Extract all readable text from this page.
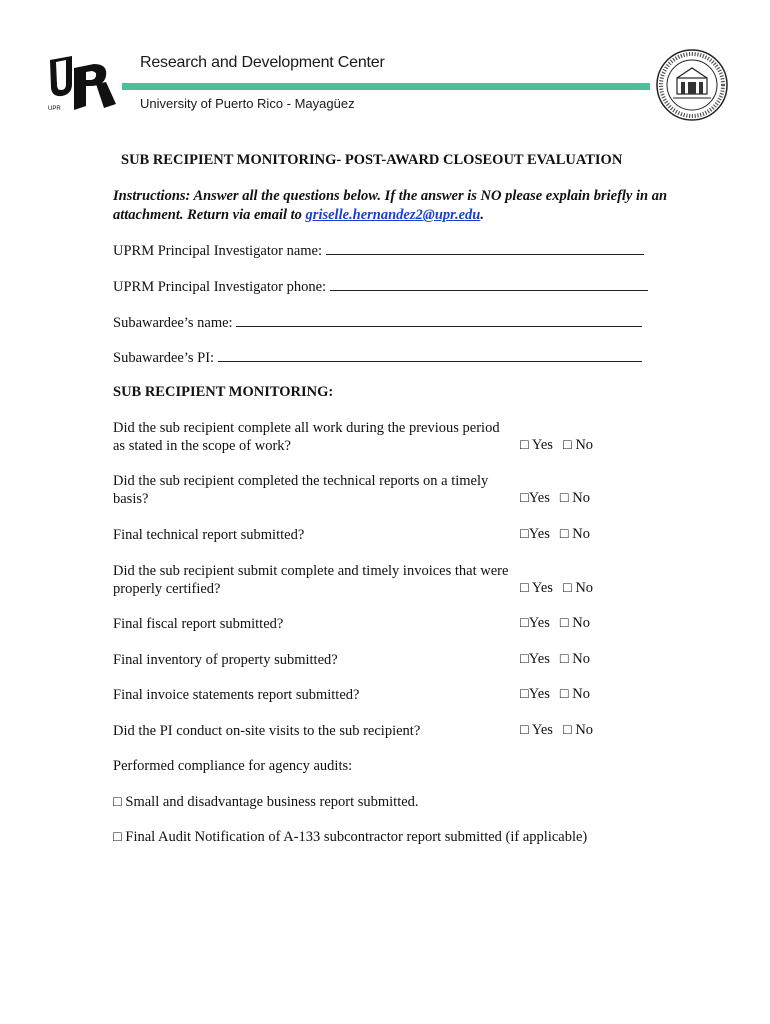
UPR
Research and Development Center
University of Puerto Rico - Mayagüez
SUB RECIPIENT MONITORING- POST-AWARD CLOSEOUT EVALUATION
Instructions: Answer all the questions below. If the answer is NO please explain briefly in an attachment. Return via email to griselle.hernandez2@upr.edu.
UPRM Principal Investigator name:
UPRM Principal Investigator phone:
Subawardee’s name:
Subawardee’s PI:
SUB RECIPIENT MONITORING:
Did the sub recipient complete all work during the previous period as stated in the scope of work?	□ Yes □ No
Did the sub recipient completed the technical reports on a timely basis?	□Yes □ No
Final technical report submitted?	□Yes □ No
Did the sub recipient submit complete and timely invoices that were properly certified?	□ Yes □ No
Final fiscal report submitted?	□Yes □ No
Final inventory of property submitted?	□Yes □ No
Final invoice statements report submitted?	□Yes □ No
Did the PI conduct on-site visits to the sub recipient?	□ Yes □ No
Performed compliance for agency audits:
□ Small and disadvantage business report submitted.
□ Final Audit Notification of A-133 subcontractor report submitted (if applicable)
